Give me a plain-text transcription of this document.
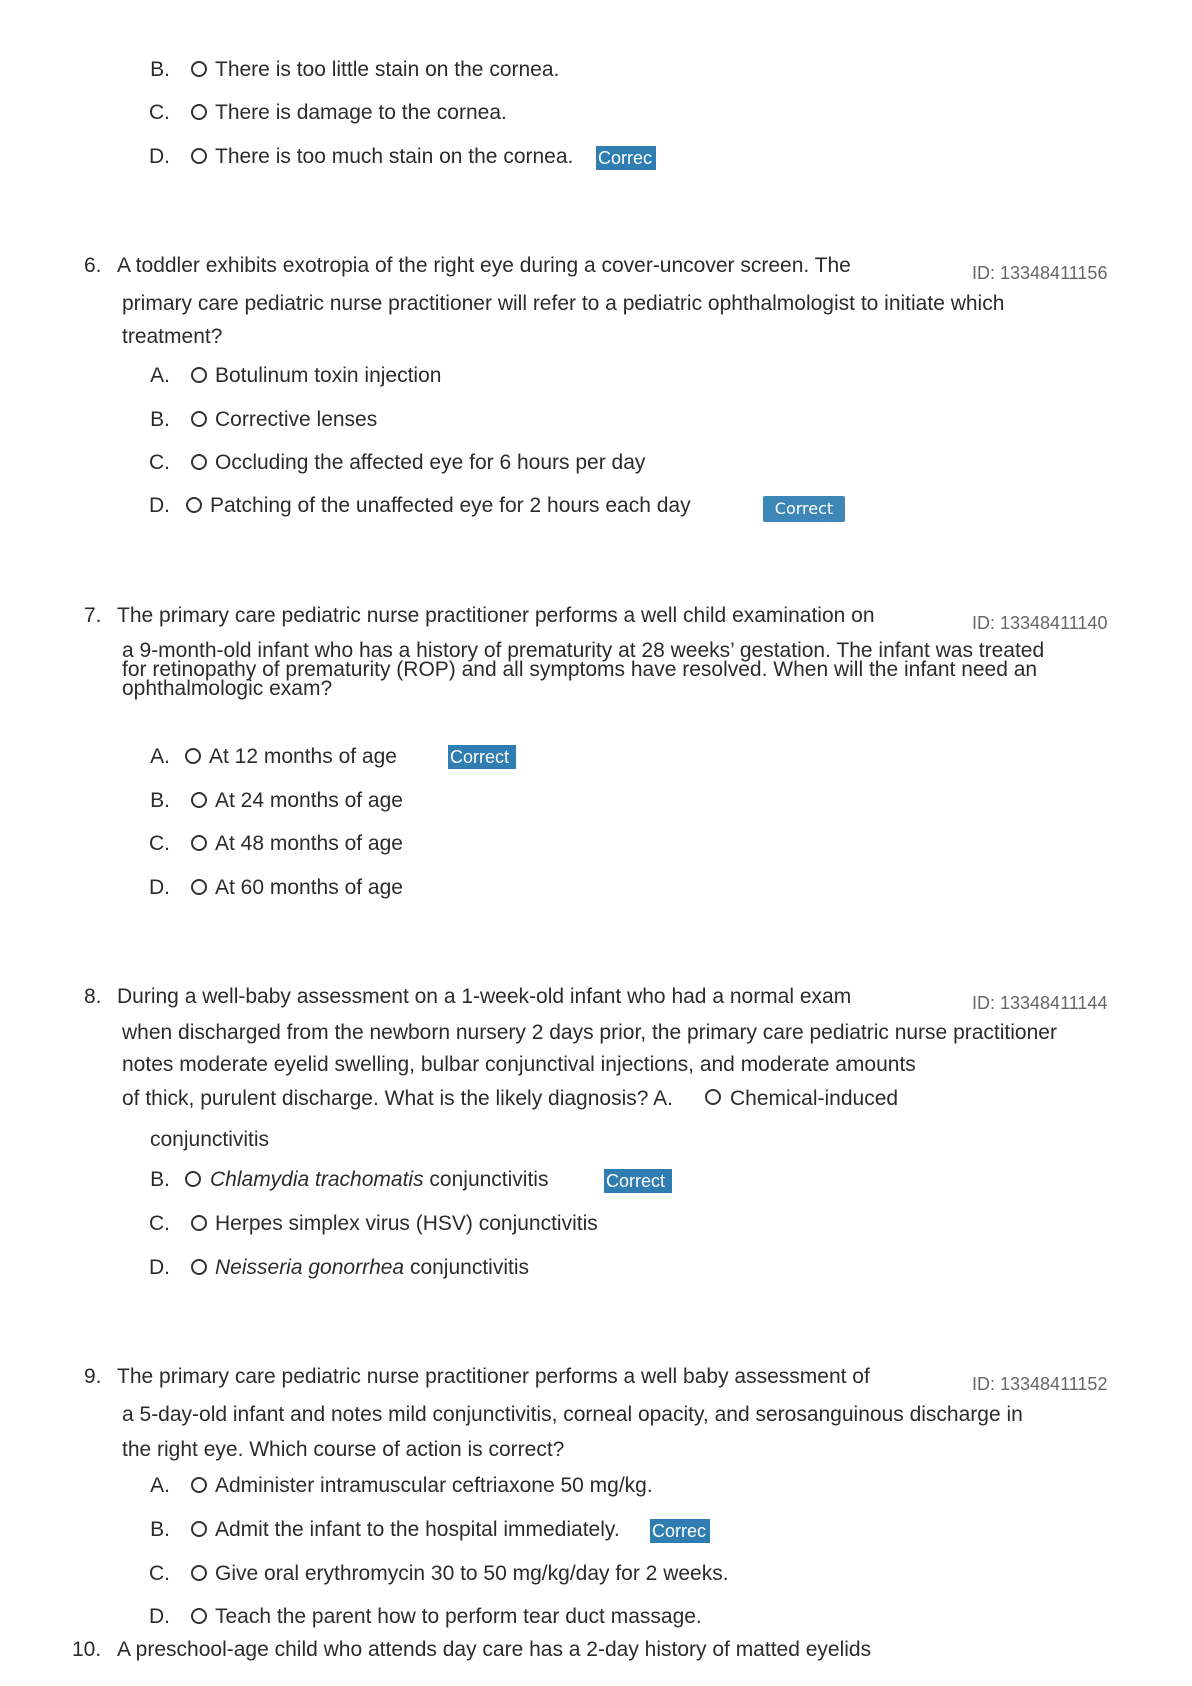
B. There is too little stain on the cornea.
C. There is damage to the cornea.
D. There is too much stain on the cornea. Correc
6. A toddler exhibits exotropia of the right eye during a cover-uncover screen. The	ID: 13348411156
primary care pediatric nurse practitioner will refer to a pediatric ophthalmologist to initiate which
treatment?
A. Botulinum toxin injection
B. Corrective lenses
C. Occluding the affected eye for 6 hours per day
D. Patching of the unaffected eye for 2 hours each day	Correct
7. The primary care pediatric nurse practitioner performs a well child examination on	ID: 13348411140
a 9-month-old infant who has a history of prematurity at 28 weeks’ gestation. The infant was treated
for retinopathy of prematurity (ROP) and all symptoms have resolved. When will the infant need an
ophthalmologic exam?
A. At 12 months of age	Correct
B. At 24 months of age
C. At 48 months of age
D. At 60 months of age
8. During a well-baby assessment on a 1-week-old infant who had a normal exam	ID: 13348411144
when discharged from the newborn nursery 2 days prior, the primary care pediatric nurse practitioner
notes moderate eyelid swelling, bulbar conjunctival injections, and moderate amounts
of thick, purulent discharge. What is the likely diagnosis? A.	Chemical-induced
conjunctivitis
B. Chlamydia trachomatis conjunctivitis	Correct
C. Herpes simplex virus (HSV) conjunctivitis
D. Neisseria gonorrhea conjunctivitis
9. The primary care pediatric nurse practitioner performs a well baby assessment of	ID: 13348411152
a 5-day-old infant and notes mild conjunctivitis, corneal opacity, and serosanguinous discharge in
the right eye. Which course of action is correct?
A. Administer intramuscular ceftriaxone 50 mg/kg.
B. Admit the infant to the hospital immediately. Correc
C. Give oral erythromycin 30 to 50 mg/kg/day for 2 weeks.
D. Teach the parent how to perform tear duct massage.
10. A preschool-age child who attends day care has a 2-day history of matted eyelids
